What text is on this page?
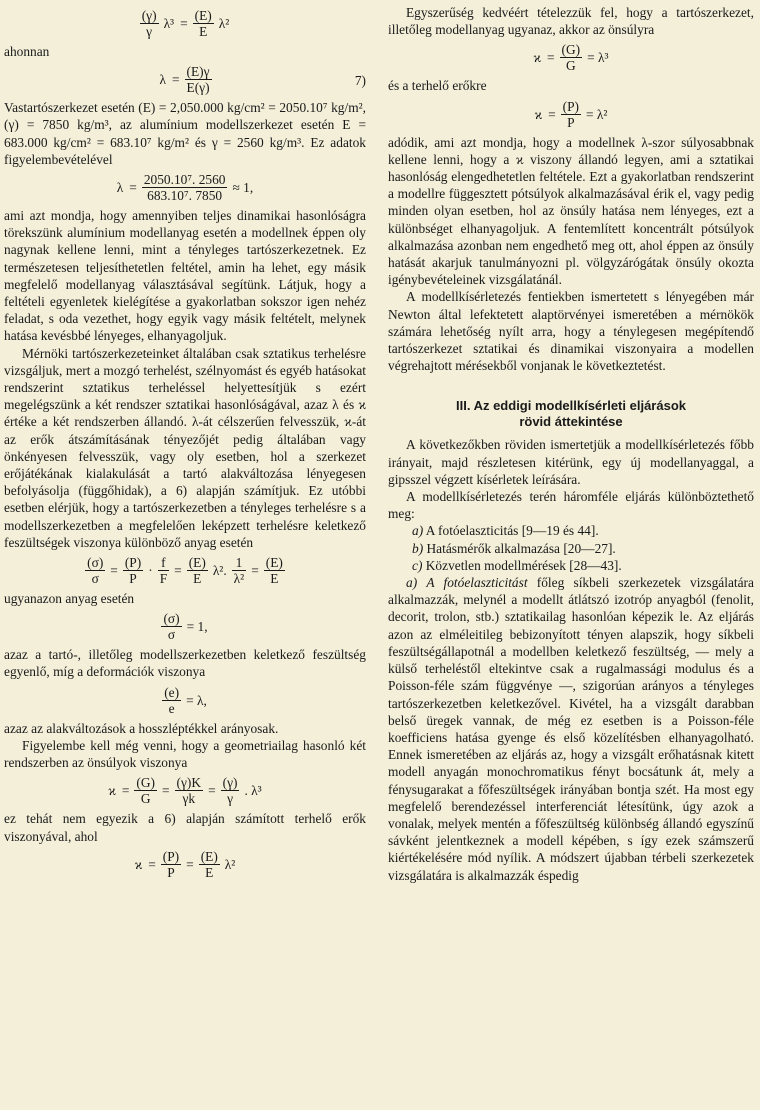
$\frac{(\gamma)}{\gamma} \lambda^3 = \frac{(E)}{E} \lambda^2$

ahonnan

$\lambda = \frac{(E)\gamma}{E(\gamma)}$	7)

Vastartószerkezet esetén (E) = 2,050.000 kg/cm² = 2050.10⁷ kg/m², (γ) = 7850 kg/m³, az alumínium modellszerkezet esetén E = 683.000 kg/cm² = 683.10⁷ kg/m² és γ = 2560 kg/m³. Ez adatok figyelembevételével

$\lambda = \frac{\text{2050.10⁷. 2560}}{\text{683.10⁷. 7850}} \approx 1$,

ami azt mondja, hogy amennyiben teljes dinamikai hasonlóságra törekszünk alumínium modellanyag esetén a modellnek éppen oly nagynak kellene lenni, mint a tényleges tartószerkezetnek. Ez természetesen teljesíthetetlen feltétel, amin ha lehet, egy másik megfelelő modellanyag választásával segítünk. Látjuk, hogy a feltételi egyenletek kielégítése a gyakorlatban sokszor igen nehéz feladat, s oda vezethet, hogy egyik vagy másik feltételt, melynek hatása kevésbbé lényeges, elhanyagoljuk.

Mérnöki tartószerkezeteinket általában csak sztatikus terhelésre vizsgáljuk, mert a mozgó terhelést, szélnyomást és egyéb hatásokat rendszerint sztatikus terheléssel helyettesítjük s ezért megelégszünk a két rendszer sztatikai hasonlóságával, azaz λ és ϰ értéke a két rendszerben állandó. λ-át célszerűen felvesszük, ϰ-át az erők átszámításának tényezőjét pedig általában vagy önkényesen felvesszük, vagy oly esetben, hol a szerkezet erőjátékának kialakulását a tartó alakváltozása lényegesen befolyásolja (függőhidak), a 6) alapján számítjuk. Ez utóbbi esetben elérjük, hogy a tartószerkezetben a tényleges terhelésre s a modellszerkezetben a megfelelően leképzett terhelésre keletkező feszültségek viszonya különböző anyag esetén

$\frac{(\sigma)}{\sigma} = \frac{(P)}{P} \cdot \frac{f}{F} = \frac{(E)}{E} \lambda^2$. $\frac{1}{\text{λ²}} = \frac{(E)}{E}$

ugyanazon anyag esetén

$\frac{(\sigma)}{\sigma} = 1$,

azaz a tartó-, illetőleg modellszerkezetben keletkező feszültség egyenlő, míg a deformációk viszonya

$\frac{(e)}{e} = \lambda$,

azaz az alakváltozások a hosszléptékkel arányosak.

Figyelembe kell még venni, hogy a geometriailag hasonló két rendszerben az önsúlyok viszonya

$ϰ = \frac{(G)}{G} = \frac{(\gamma)K}{\gamma k} = \frac{(\gamma)}{\gamma}$ . λ³

ez tehát nem egyezik a 6) alapján számított terhelő erők viszonyával, ahol

$ϰ = \frac{(P)}{P} = \frac{(E)}{E} \lambda^2$

Egyszerűség kedvéért tételezzük fel, hogy a tartószerkezet, illetőleg modellanyag ugyanaz, akkor az önsúlyra

$ϰ = \frac{(G)}{G} = \lambda^3$

és a terhelő erőkre

$ϰ = \frac{(P)}{P} = \lambda^2$

adódik, ami azt mondja, hogy a modellnek λ-szor súlyosabbnak kellene lenni, hogy a ϰ viszony állandó legyen, ami a sztatikai hasonlóság elengedhetetlen feltétele. Ezt a gyakorlatban rendszerint a modellre függesztett pótsúlyok alkalmazásával érik el, vagy pedig minden olyan esetben, hol az önsúly hatása nem lényeges, ezt a különbséget elhanyagoljuk. A fentemlített koncentrált pótsúlyok alkalmazása azonban nem engedhető meg ott, ahol éppen az önsúly hatását akarjuk tanulmányozni pl. völgyzárógátak önsúly okozta igénybevételeinek vizsgálatánál.

A modellkísérletezés fentiekben ismertetett s lényegében már Newton által lefektetett alaptörvényei ismeretében a mérnökök számára lehetőség nyílt arra, hogy a ténylegesen megépítendő tartószerkezet sztatikai és dinamikai viszonyaira a modellen végrehajtott mérésekből vonjanak le következtetést.

III. Az eddigi modellkísérleti eljárások
rövid áttekintése

A következőkben röviden ismertetjük a modellkísérletezés főbb irányait, majd részletesen kitérünk, egy új modellanyaggal, a gipsszel végzett kísérletek leírására.

A modellkísérletezés terén háromféle eljárás különböztethető meg:

a) A fotóelaszticitás [9—19 és 44].

b) Hatásmérők alkalmazása [20—27].

c) Közvetlen modellmérések [28—43].

a) A fotóelaszticitást főleg síkbeli szerkezetek vizsgálatára alkalmazzák, melynél a modellt átlátszó izotróp anyagból (fenolit, decorit, trolon, stb.) sztatikailag hasonlóan képezik le. Az eljárás azon az elméleitileg bebizonyított tényen alapszik, hogy síkbeli feszültségállapotnál a modellben keletkező feszültség, — mely a külső terheléstől eltekintve csak a rugalmassági modulus és a Poisson-féle szám függvénye —, szigorúan arányos a tényleges tartószerkezetben keletkezővel. Kivétel, ha a vizsgált darabban belső üregek vannak, de még ez esetben is a Poisson-féle koefficiens hatása gyenge és első közelítésben elhanyagolható. Ennek ismeretében az eljárás az, hogy a vizsgált erőhatásnak kitett modell anyagán monochromatikus fényt bocsátunk át, mely a fénysugarakat a főfeszültségek irányában bontja szét. Ha most egy megfelelő berendezéssel interferenciát létesítünk, úgy azok a vonalak, melyek mentén a főfeszültség különbség állandó egyszínű sávként jelentkeznek a modell képében, s így ezek számszerű kiértékelésére mód nyílik. A módszert újabban térbeli szerkezetek vizsgálatára is alkalmazzák éspedig
